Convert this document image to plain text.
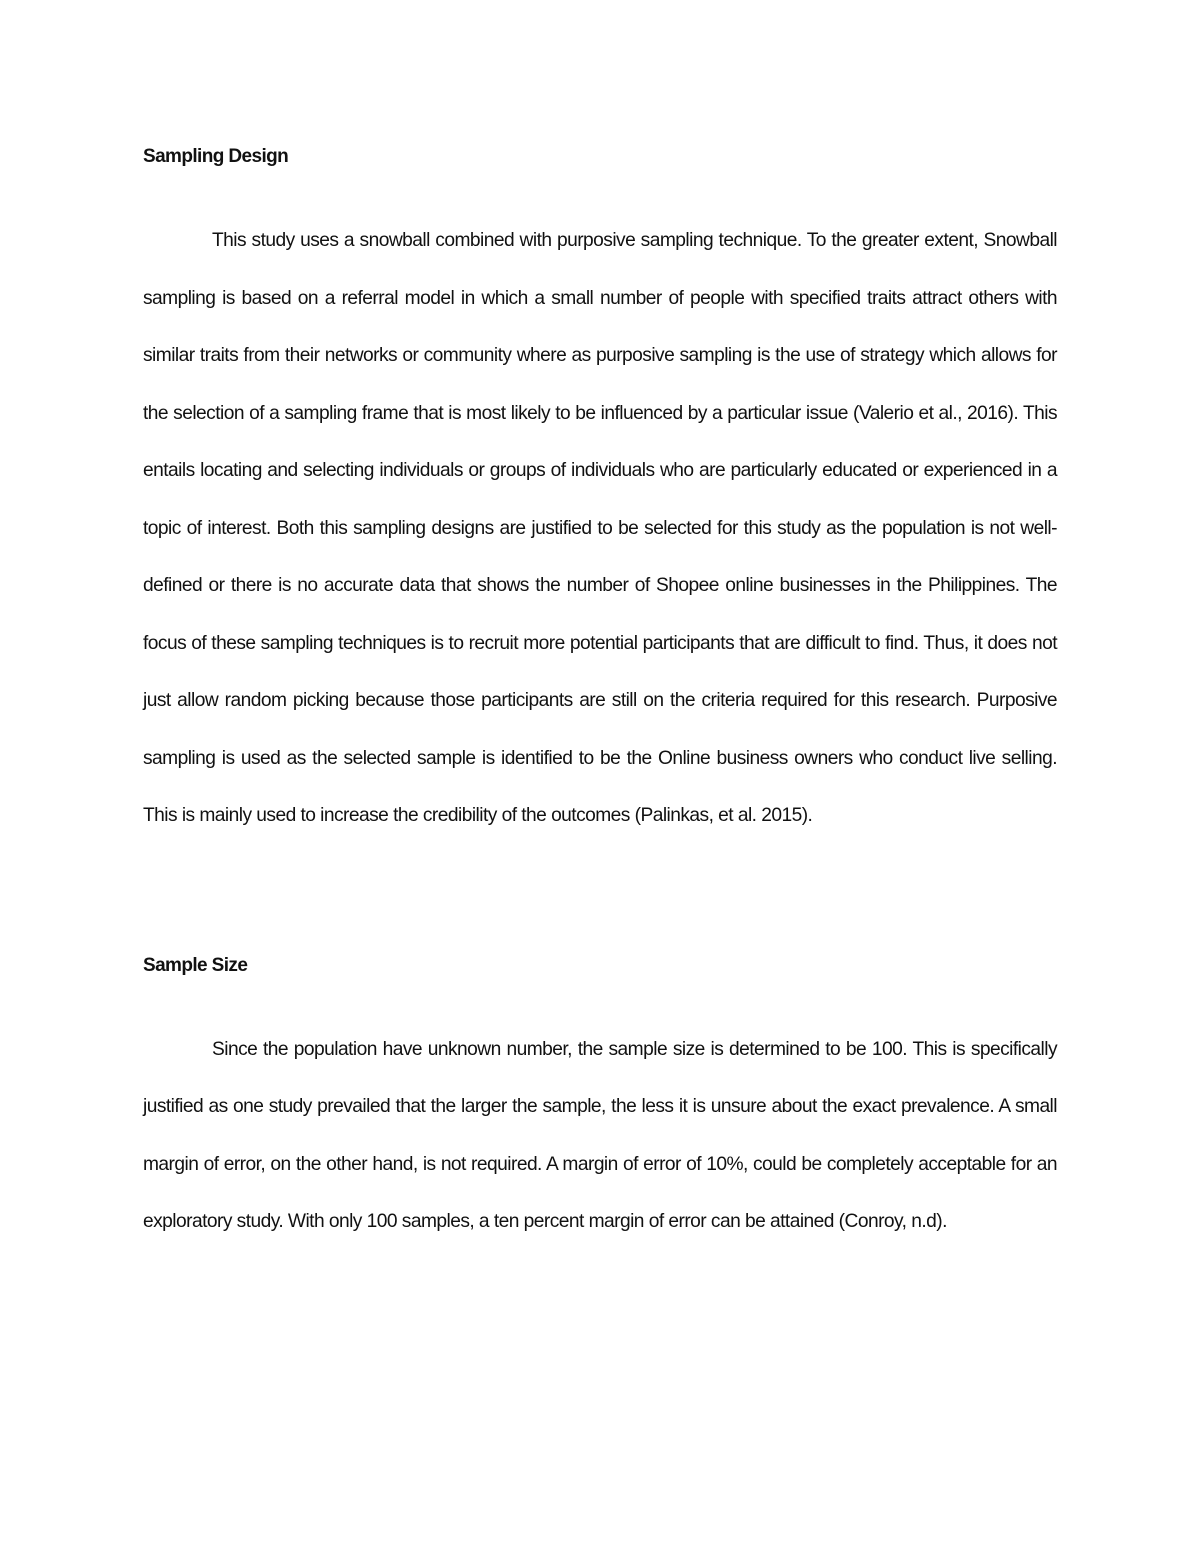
Sampling Design

This study uses a snowball combined with purposive sampling technique. To the greater extent, Snowball sampling is based on a referral model in which a small number of people with specified traits attract others with similar traits from their networks or community where as purposive sampling is the use of strategy which allows for the selection of a sampling frame that is most likely to be influenced by a particular issue (Valerio et al., 2016). This entails locating and selecting individuals or groups of individuals who are particularly educated or experienced in a topic of interest. Both this sampling designs are justified to be selected for this study as the population is not well-defined or there is no accurate data that shows the number of Shopee online businesses in the Philippines. The focus of these sampling techniques is to recruit more potential participants that are difficult to find. Thus, it does not just allow random picking because those participants are still on the criteria required for this research. Purposive sampling is used as the selected sample is identified to be the Online business owners who conduct live selling. This is mainly used to increase the credibility of the outcomes (Palinkas, et al. 2015).

Sample Size

Since the population have unknown number, the sample size is determined to be 100. This is specifically justified as one study prevailed that the larger the sample, the less it is unsure about the exact prevalence. A small margin of error, on the other hand, is not required. A margin of error of 10%, could be completely acceptable for an exploratory study. With only 100 samples, a ten percent margin of error can be attained (Conroy, n.d).
